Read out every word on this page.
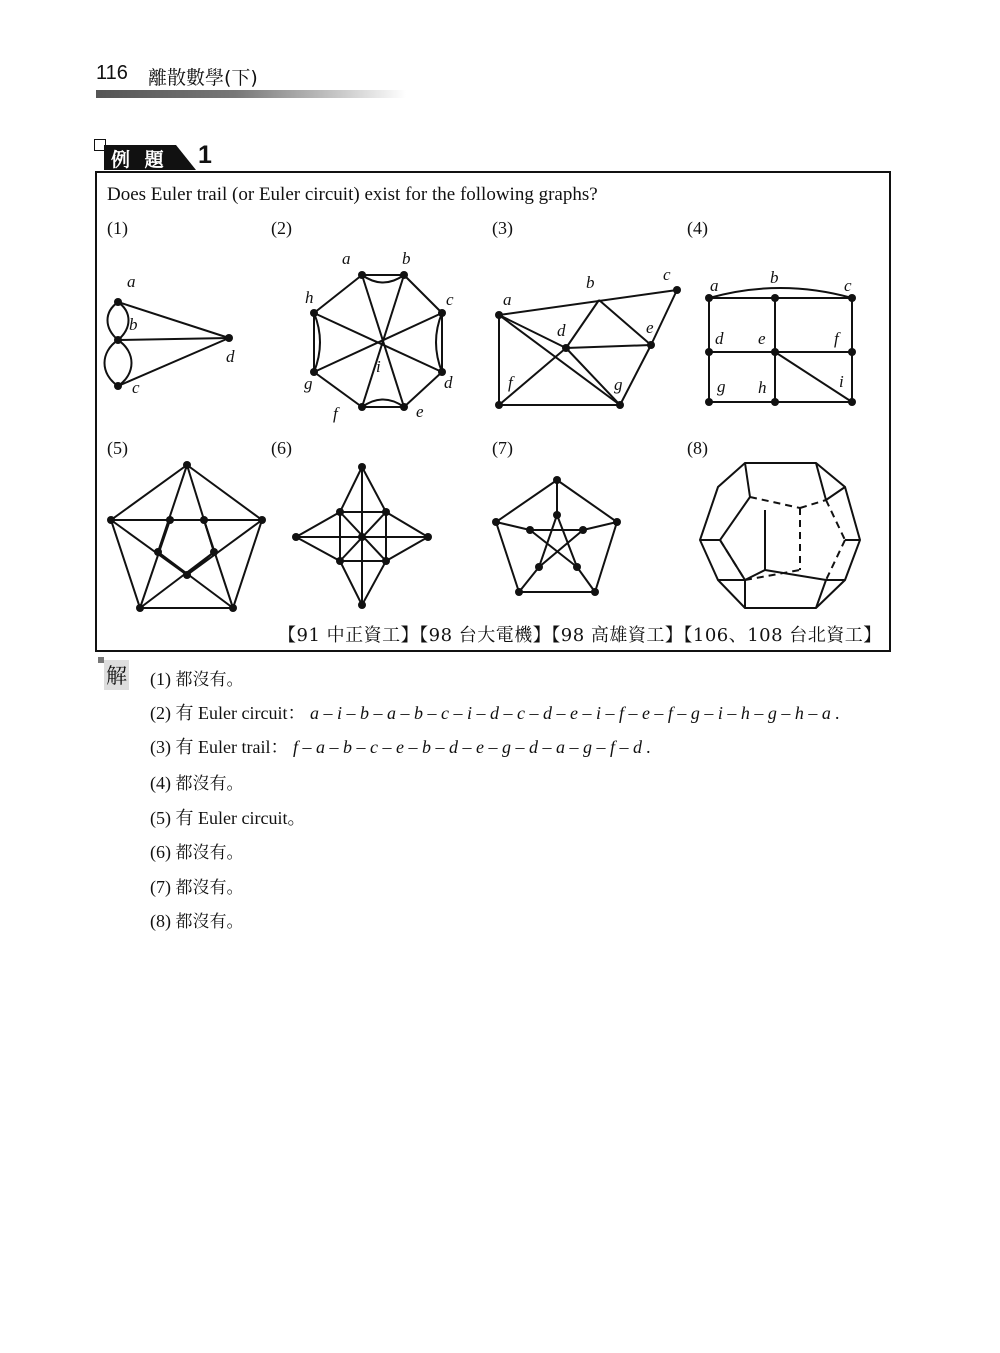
116 離散數學(下)
例 題 1
Does Euler trail (or Euler circuit) exist for the following graphs?
(1)	(2)	(3)	(4)
(5)	(6)	(7)	(8)
a
b
c
d
a	b
c
d
e
f
g
h
i
a
b	c
d	e
f	g
a	b	c
d e	f
g h	i
【91 中正資工】【98 台大電機】【98 高雄資工】【106、108 台北資工】
解 (1) 都沒有。
(2) 有 Euler circuit： a – i – b – a – b – c – i – d – c – d – e – i – f – e – f – g – i – h – g – h – a .
(3) 有 Euler trail： f – a – b – c – e – b – d – e – g – d – a – g – f – d .
(4) 都沒有。
(5) 有 Euler circuit。
(6) 都沒有。
(7) 都沒有。
(8) 都沒有。
